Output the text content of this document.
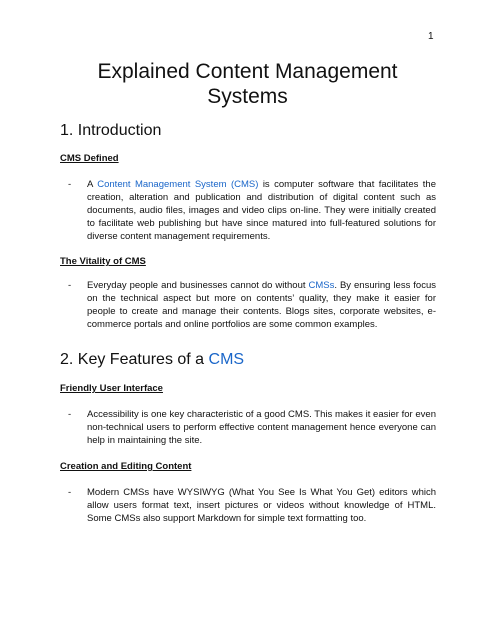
1
Explained Content Management
Systems
1. Introduction
CMS Defined
- A Content Management System (CMS) is computer software that facilitates the creation, alteration and publication and distribution of digital content such as documents, audio files, images and video clips on-line. They were initially created to facilitate web publishing but have since matured into full-featured solutions for diverse content management requirements.
The Vitality of CMS
- Everyday people and businesses cannot do without CMSs. By ensuring less focus on the technical aspect but more on contents’ quality, they make it easier for people to create and manage their contents. Blogs sites, corporate websites, e-commerce portals and online portfolios are some common examples.
2. Key Features of a CMS
Friendly User Interface
- Accessibility is one key characteristic of a good CMS. This makes it easier for even non-technical users to perform effective content management hence everyone can help in maintaining the site.
Creation and Editing Content
- Modern CMSs have WYSIWYG (What You See Is What You Get) editors which allow users format text, insert pictures or videos without knowledge of HTML. Some CMSs also support Markdown for simple text formatting too.
